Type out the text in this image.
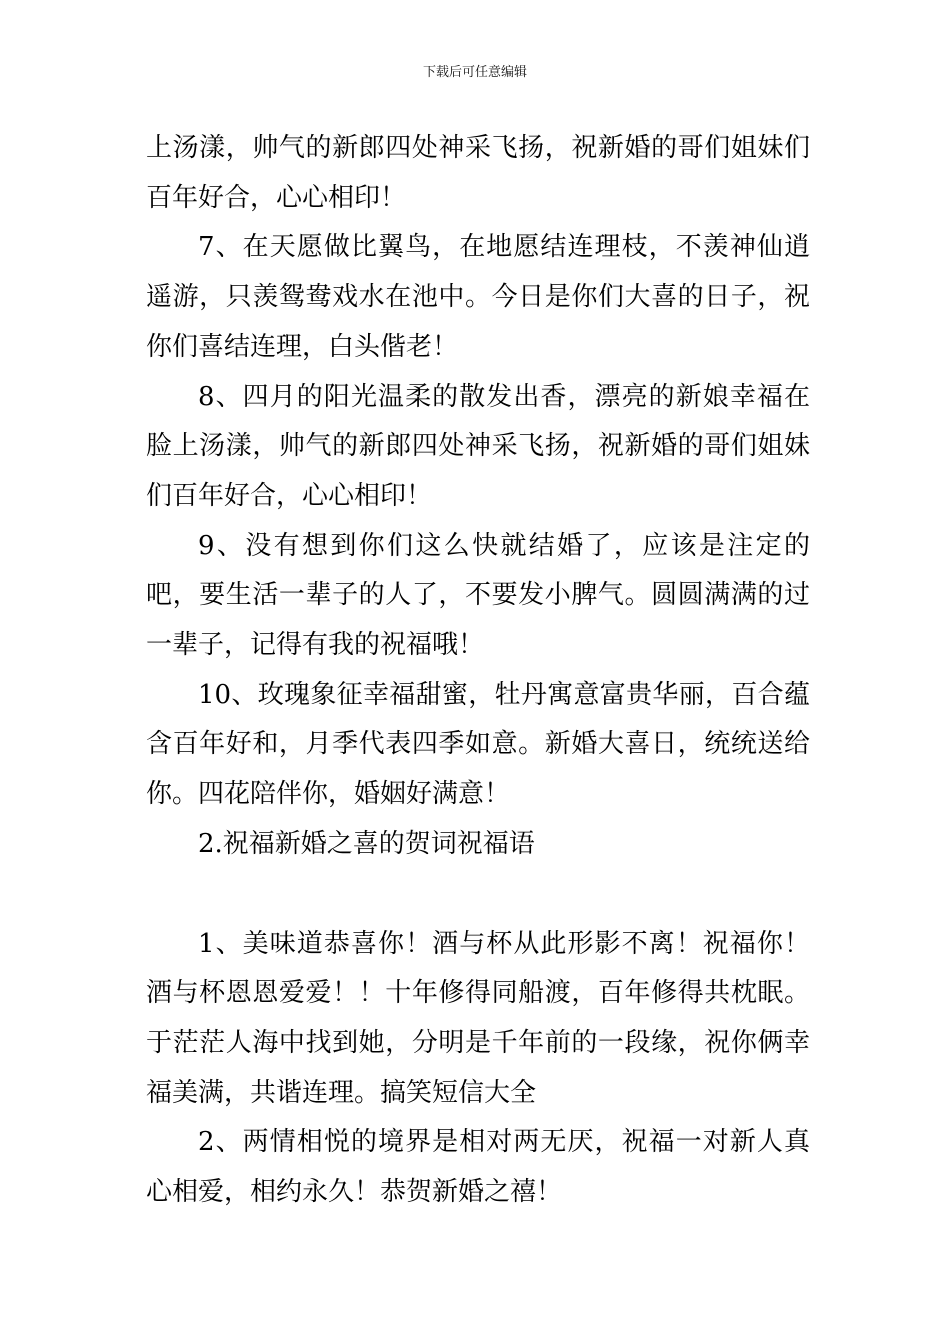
下载后可任意编辑

上汤漾，帅气的新郎四处神采飞扬，祝新婚的哥们姐妹们百年好合，心心相印！

7、在天愿做比翼鸟，在地愿结连理枝，不羡神仙逍遥游，只羡鸳鸯戏水在池中。今日是你们大喜的日子，祝你们喜结连理，白头偕老！

8、四月的阳光温柔的散发出香，漂亮的新娘幸福在脸上汤漾，帅气的新郎四处神采飞扬，祝新婚的哥们姐妹们百年好合，心心相印！

9、没有想到你们这么快就结婚了，应该是注定的吧，要生活一辈子的人了，不要发小脾气。圆圆满满的过一辈子，记得有我的祝福哦！

10、玫瑰象征幸福甜蜜，牡丹寓意富贵华丽，百合蕴含百年好和，月季代表四季如意。新婚大喜日，统统送给你。四花陪伴你，婚姻好满意！

2.祝福新婚之喜的贺词祝福语

1、美味道恭喜你！酒与杯从此形影不离！祝福你！酒与杯恩恩爱爱！！十年修得同船渡，百年修得共枕眠。于茫茫人海中找到她，分明是千年前的一段缘，祝你俩幸福美满，共谐连理。搞笑短信大全

2、两情相悦的境界是相对两无厌，祝福一对新人真心相爱，相约永久！恭贺新婚之禧！
